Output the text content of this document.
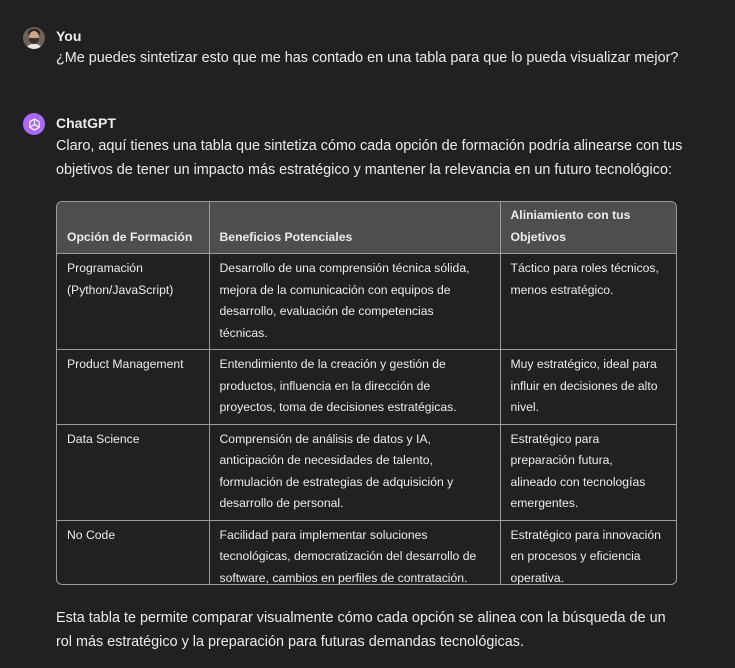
You
¿Me puedes sintetizar esto que me has contado en una tabla para que lo pueda visualizar mejor?
ChatGPT
Claro, aquí tienes una tabla que sintetiza cómo cada opción de formación podría alinearse con tus
objetivos de tener un impacto más estratégico y mantener la relevancia en un futuro tecnológico:
Esta tabla te permite comparar visualmente cómo cada opción se alinea con la búsqueda de un
rol más estratégico y la preparación para futuras demandas tecnológicas.
Opción de Formación	Beneficios Potenciales	Aliniamiento con tus
Objetivos

Programación
(Python/JavaScript)	Desarrollo de una comprensión técnica sólida,
mejora de la comunicación con equipos de
desarrollo, evaluación de competencias
técnicas.	Táctico para roles técnicos,
menos estratégico.

Product Management	Entendimiento de la creación y gestión de
productos, influencia en la dirección de
proyectos, toma de decisiones estratégicas.	Muy estratégico, ideal para
influir en decisiones de alto
nivel.

Data Science	Comprensión de análisis de datos y IA,
anticipación de necesidades de talento,
formulación de estrategias de adquisición y
desarrollo de personal.	Estratégico para
preparación futura,
alineado con tecnologías
emergentes.

No Code	Facilidad para implementar soluciones
tecnológicas, democratización del desarrollo de
software, cambios en perfiles de contratación.	Estratégico para innovación
en procesos y eficiencia
operativa.
